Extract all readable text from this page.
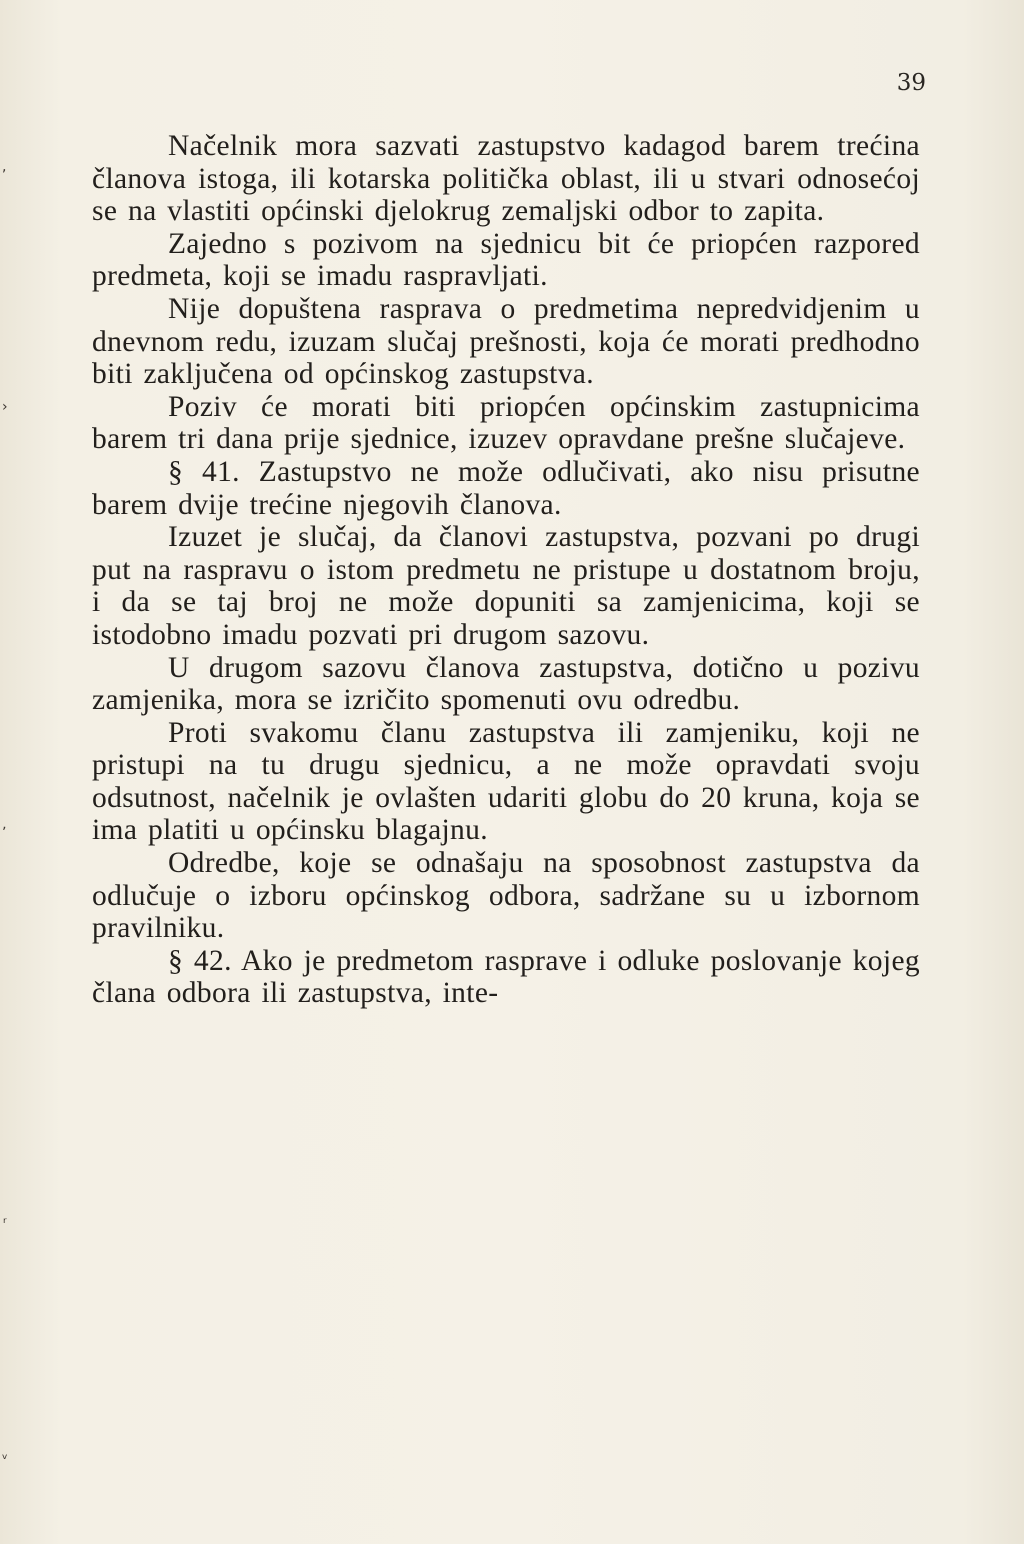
39
,
›
ʼ
ᵣ
ᵥ

Načelnik mora sazvati zastupstvo kadagod barem trećina članova istoga, ili kotarska politička oblast, ili u stvari odnosećoj se na vlastiti općinski djelokrug zemaljski odbor to zapita.

Zajedno s pozivom na sjednicu bit će priopćen razpored predmeta, koji se imadu raspravljati.

Nije dopuštena rasprava o predmetima nepredvidjenim u dnevnom redu, izuzam slučaj prešnosti, koja će morati predhodno biti zaključena od općinskog zastupstva.

Poziv će morati biti priopćen općinskim zastupnicima barem tri dana prije sjednice, izuzev opravdane prešne slučajeve.

§ 41. Zastupstvo ne može odlučivati, ako nisu prisutne barem dvije trećine njegovih članova.

Izuzet je slučaj, da članovi zastupstva, pozvani po drugi put na raspravu o istom predmetu ne pristupe u dostatnom broju, i da se taj broj ne može dopuniti sa zamjenicima, koji se istodobno imadu pozvati pri drugom sazovu.

U drugom sazovu članova zastupstva, dotično u pozivu zamjenika, mora se izričito spomenuti ovu odredbu.

Proti svakomu članu zastupstva ili zamjeniku, koji ne pristupi na tu drugu sjednicu, a ne može opravdati svoju odsutnost, načelnik je ovlašten udariti globu do 20 kruna, koja se ima platiti u općinsku blagajnu.

Odredbe, koje se odnašaju na sposobnost zastupstva da odlučuje o izboru općinskog odbora, sadržane su u izbornom pravilniku.

§ 42. Ako je predmetom rasprave i odluke poslovanje kojeg člana odbora ili zastupstva, inte-
